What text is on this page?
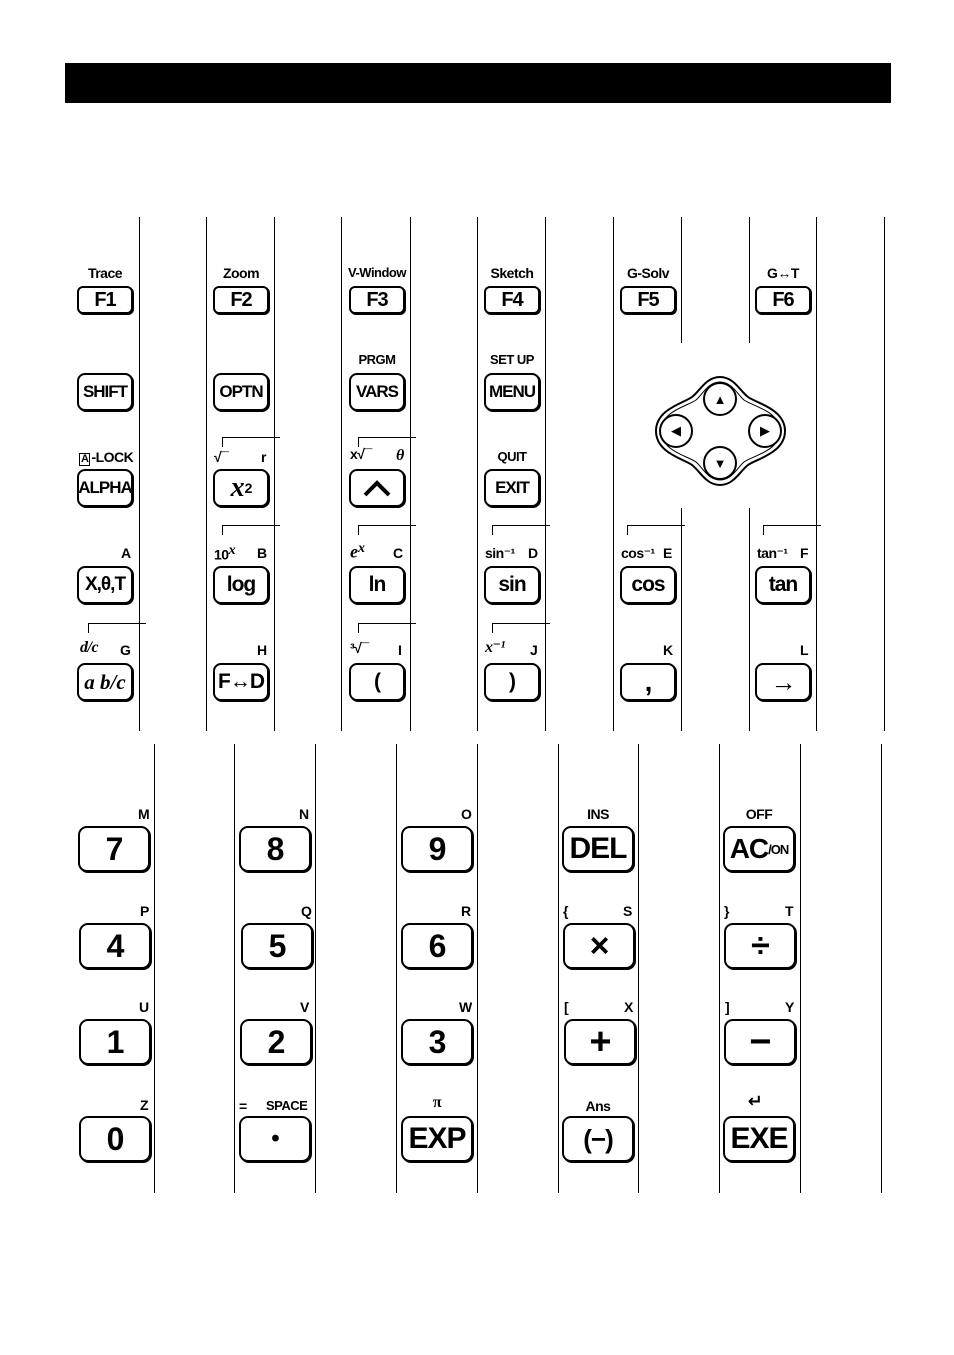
Trace
F1
Zoom
F2
V-Window
F3
Sketch
F4
G-Solv
F5
G↔T
F6
SHIFT	OPTN
PRGM
VARS
SET UP
MENU	▲
▼
◀	▶
A -LOCK
ALPHA
√¯ r
x 2
x√¯ θ	QUIT
EXIT
A
X,θ,T
10$^x$ B
log
$e^x$ C
ln
sin⁻¹ D
sin
cos⁻¹ E
cos
tan⁻¹ F
tan
d/c G
a b/c
H
F↔D
³√¯ I
(
x⁻¹ J
)
K
,
L
→
M
7
N
8
O
9
INS
DEL
OFF
AC /ON
P
4
Q
5
R
6
{	S
×
}	T
÷
U
1
V
2
W
3
[	X
+
]	Y
−
Z
0
= SPACE
•
π
EXP
Ans
(−)
↵
EXE
